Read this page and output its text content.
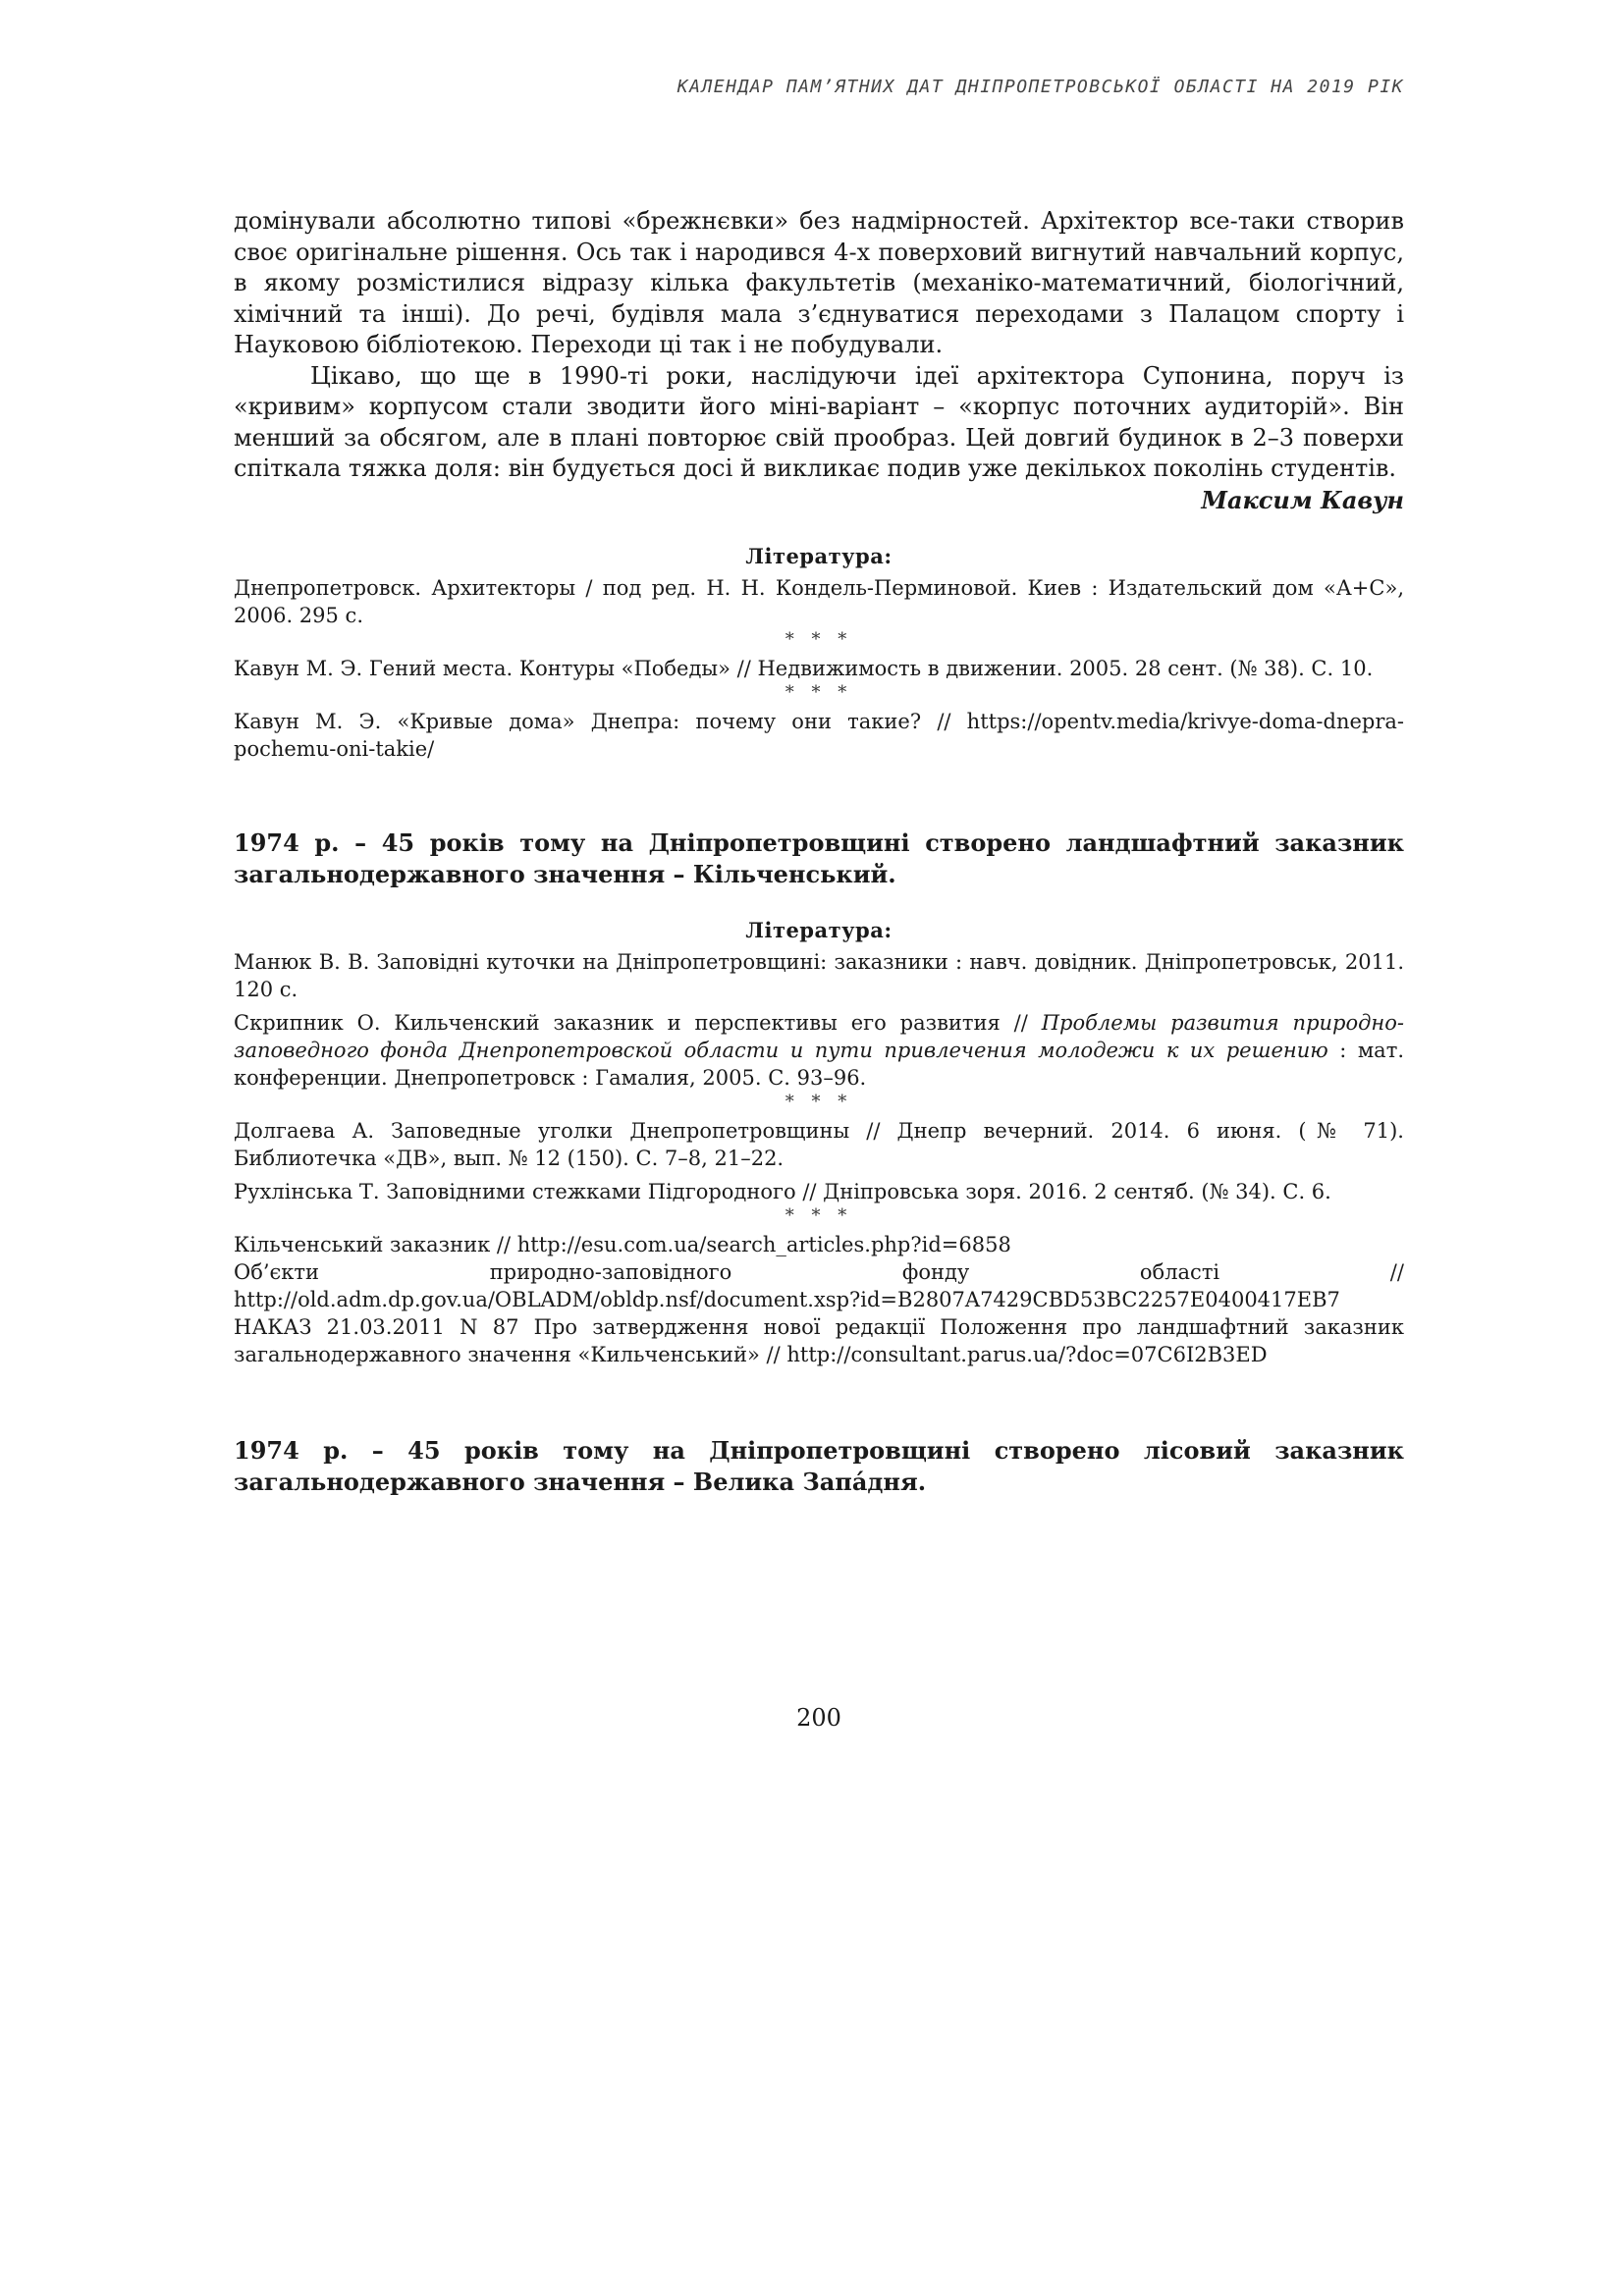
КАЛЕНДАР ПАМ’ЯТНИХ ДАТ ДНІПРОПЕТРОВСЬКОЇ ОБЛАСТІ НА 2019 РІК

домінували абсолютно типові «брежнєвки» без надмірностей. Архітектор все-таки створив своє оригінальне рішення. Ось так і народився 4-х поверховий вигнутий навчальний корпус, в якому розмістилися відразу кілька факультетів (механіко-математичний, біологічний, хімічний та інші). До речі, будівля мала з’єднуватися переходами з Палацом спорту і Науковою бібліотекою. Переходи ці так і не побудували.

Цікаво, що ще в 1990-ті роки, наслідуючи ідеї архітектора Супонина, поруч із «кривим» корпусом стали зводити його міні-варіант – «корпус поточних аудиторій». Він менший за обсягом, але в плані повторює свій прообраз. Цей довгий будинок в 2–3 поверхи спіткала тяжка доля: він будується досі й викликає подив уже декількох поколінь студентів.

Максим Кавун
Література:

Днепропетровск. Архитекторы / под ред. Н. Н. Кондель-Перминовой. Киев : Издательский дом «А+С», 2006. 295 с.

* * *

Кавун М. Э. Гений места. Контуры «Победы» // Недвижимость в движении. 2005. 28 сент. (№ 38). С. 10.

* * *

Кавун М. Э. «Кривые дома» Днепра: почему они такие? // https://opentv.media/krivye-doma-dnepra-pochemu-oni-takie/

1974 р. – 45 років тому на Дніпропетровщині створено ландшафтний заказник загальнодержавного значення – Кільченський.

Література:

Манюк В. В. Заповідні куточки на Дніпропетровщині: заказники : навч. довідник. Дніпропетровськ, 2011. 120 с.

Скрипник О. Кильченский заказник и перспективы его развития // Проблемы развития природно-заповедного фонда Днепропетровской области и пути привлечения молодежи к их решению : мат. конференции. Днепропетровск : Гамалия, 2005. С. 93–96.

* * *

Долгаева А. Заповедные уголки Днепропетровщины // Днепр вечерний. 2014. 6 июня. (№ 71). Библиотечка «ДВ», вып. № 12 (150). С. 7–8, 21–22.

Рухлінська Т. Заповідними стежками Підгородного // Дніпровська зоря. 2016. 2 сентяб. (№ 34). С. 6.

* * *

Кільченський заказник // http://esu.com.ua/search_articles.php?id=6858

Об’єкти	природно-заповідного	фонду	області	//

http://old.adm.dp.gov.ua/OBLADM/obldp.nsf/document.xsp?id=B2807A7429CBD53BC2257E0400417EB7

НАКАЗ 21.03.2011 N 87 Про затвердження нової редакції Положення про ландшафтний заказник загальнодержавного значення «Кильченський» // http://consultant.parus.ua/?doc=07C6I2B3ED

1974 р. – 45 років тому на Дніпропетровщині створено лісовий заказник загальнодержавного значення – Велика Запа́дня.

200
